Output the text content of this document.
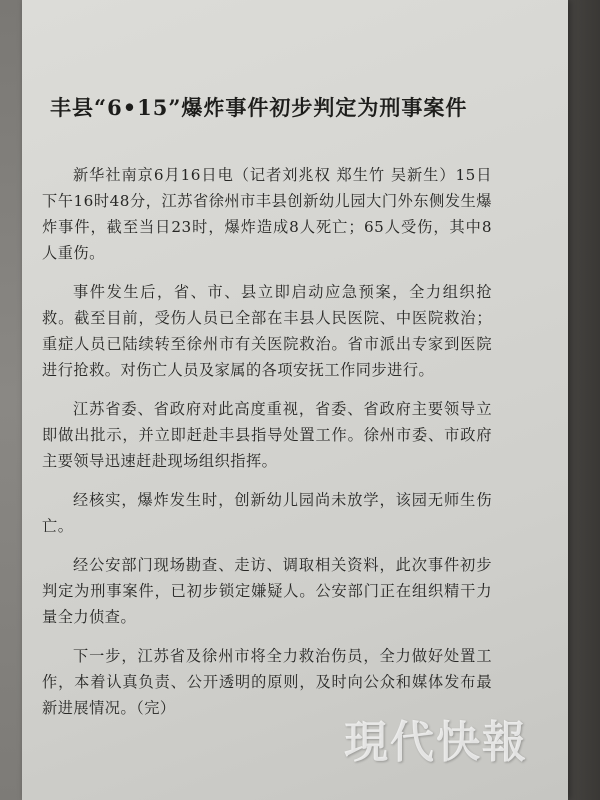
丰县“6•15”爆炸事件初步判定为刑事案件

新华社南京6月16日电（记者刘兆权 郑生竹 吴新生）15日下午16时48分，江苏省徐州市丰县创新幼儿园大门外东侧发生爆炸事件，截至当日23时，爆炸造成8人死亡；65人受伤，其中8人重伤。

事件发生后，省、市、县立即启动应急预案，全力组织抢救。截至目前，受伤人员已全部在丰县人民医院、中医院救治；重症人员已陆续转至徐州市有关医院救治。省市派出专家到医院进行抢救。对伤亡人员及家属的各项安抚工作同步进行。

江苏省委、省政府对此高度重视，省委、省政府主要领导立即做出批示，并立即赶赴丰县指导处置工作。徐州市委、市政府主要领导迅速赶赴现场组织指挥。

经核实，爆炸发生时，创新幼儿园尚未放学，该园无师生伤亡。

经公安部门现场勘查、走访、调取相关资料，此次事件初步判定为刑事案件，已初步锁定嫌疑人。公安部门正在组织精干力量全力侦查。

下一步，江苏省及徐州市将全力救治伤员，全力做好处置工作，本着认真负责、公开透明的原则，及时向公众和媒体发布最新进展情况。（完）

現代快報
